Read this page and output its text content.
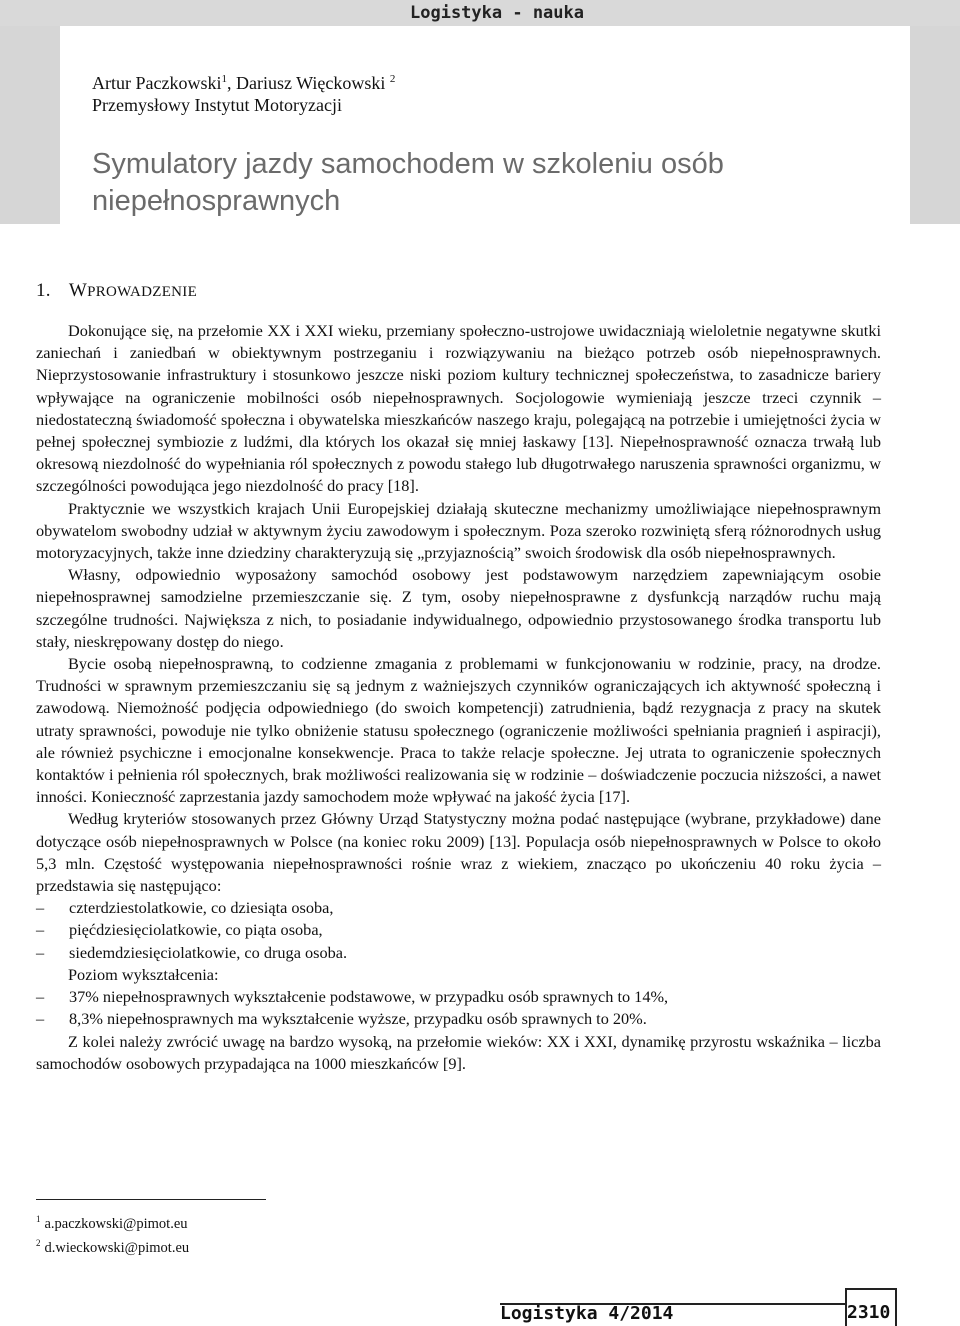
Logistyka - nauka
Artur Paczkowski$^1$, Dariusz Więckowski $^2$
Przemysłowy Instytut Motoryzacji
Symulatory jazdy samochodem w szkoleniu osób niepełnosprawnych
1. WPROWADZENIE

Dokonujące się, na przełomie XX i XXI wieku, przemiany społeczno-ustrojowe uwidaczniają wieloletnie negatywne skutki zaniechań i zaniedbań w obiektywnym postrzeganiu i rozwiązywaniu na bieżąco potrzeb osób niepełnosprawnych. Nieprzystosowanie infrastruktury i stosunkowo jeszcze niski poziom kultury technicznej społeczeństwa, to zasadnicze bariery wpływające na ograniczenie mobilności osób niepełnosprawnych. Socjologowie wymieniają jeszcze trzeci czynnik – niedostateczną świadomość społeczna i obywatelska mieszkańców naszego kraju, polegającą na potrzebie i umiejętności życia w pełnej społecznej symbiozie z ludźmi, dla których los okazał się mniej łaskawy [13]. Niepełnosprawność oznacza trwałą lub okresową niezdolność do wypełniania ról społecznych z powodu stałego lub długotrwałego naruszenia sprawności organizmu, w szczególności powodująca jego niezdolność do pracy [18].

Praktycznie we wszystkich krajach Unii Europejskiej działają skuteczne mechanizmy umożliwiające niepełnosprawnym obywatelom swobodny udział w aktywnym życiu zawodowym i społecznym. Poza szeroko rozwiniętą sferą różnorodnych usług motoryzacyjnych, także inne dziedziny charakteryzują się „przyjaznością” swoich środowisk dla osób niepełnosprawnych.

Własny, odpowiednio wyposażony samochód osobowy jest podstawowym narzędziem zapewniającym osobie niepełnosprawnej samodzielne przemieszczanie się. Z tym, osoby niepełnosprawne z dysfunkcją narządów ruchu mają szczególne trudności. Największa z nich, to posiadanie indywidualnego, odpowiednio przystosowanego środka transportu lub stały, nieskrępowany dostęp do niego.

Bycie osobą niepełnosprawną, to codzienne zmagania z problemami w funkcjonowaniu w rodzinie, pracy, na drodze. Trudności w sprawnym przemieszczaniu się są jednym z ważniejszych czynników ograniczających ich aktywność społeczną i zawodową. Niemożność podjęcia odpowiedniego (do swoich kompetencji) zatrudnienia, bądź rezygnacja z pracy na skutek utraty sprawności, powoduje nie tylko obniżenie statusu społecznego (ograniczenie możliwości spełniania pragnień i aspiracji), ale również psychiczne i emocjonalne konsekwencje. Praca to także relacje społeczne. Jej utrata to ograniczenie społecznych kontaktów i pełnienia ról społecznych, brak możliwości realizowania się w rodzinie – doświadczenie poczucia niższości, a nawet inności. Konieczność zaprzestania jazdy samochodem może wpływać na jakość życia [17].

Według kryteriów stosowanych przez Główny Urząd Statystyczny można podać następujące (wybrane, przykładowe) dane dotyczące osób niepełnosprawnych w Polsce (na koniec roku 2009) [13]. Populacja osób niepełnosprawnych w Polsce to około 5,3 mln. Częstość występowania niepełnosprawności rośnie wraz z wiekiem, znacząco po ukończeniu 40 roku życia – przedstawia się następująco:

–	czterdziestolatkowie, co dziesiąta osoba,
–	pięćdziesięciolatkowie, co piąta osoba,
–	siedemdziesięciolatkowie, co druga osoba.

Poziom wykształcenia:

–	37% niepełnosprawnych wykształcenie podstawowe, w przypadku osób sprawnych to 14%,
–	8,3% niepełnosprawnych ma wykształcenie wyższe, przypadku osób sprawnych to 20%.

Z kolei należy zwrócić uwagę na bardzo wysoką, na przełomie wieków: XX i XXI, dynamikę przyrostu wskaźnika – liczba samochodów osobowych przypadająca na 1000 mieszkańców [9].

$^1$ a.paczkowski@pimot.eu
$^2$ d.wieckowski@pimot.eu
Logistyka 4/2014	2310
